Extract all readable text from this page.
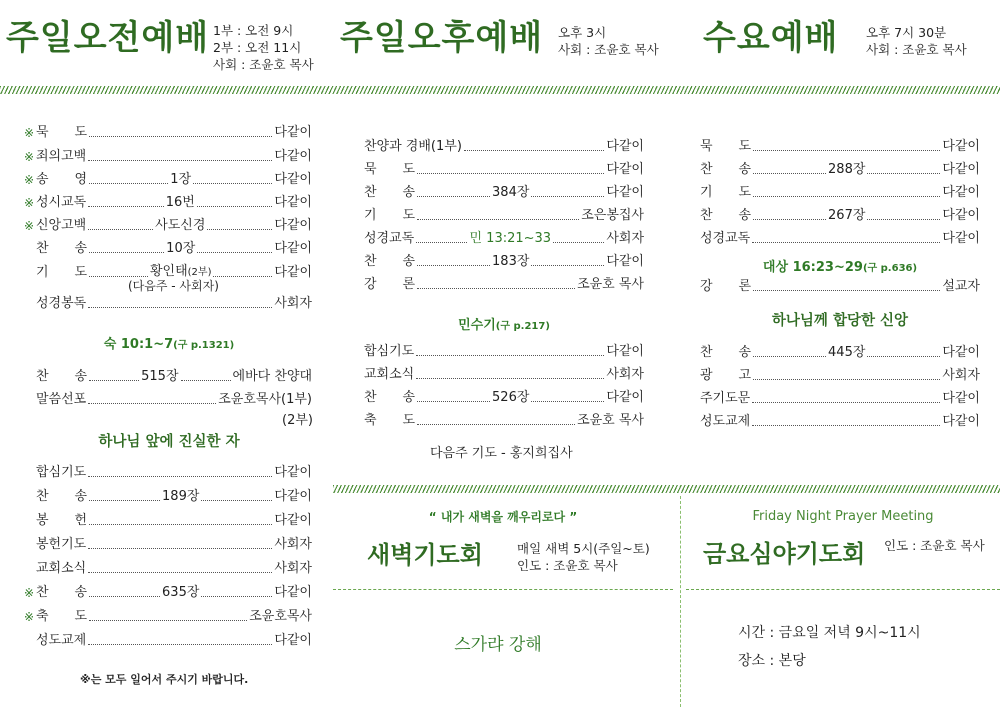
주일오전예배 1부 : 오전 9시
2부 : 오전 11시
사회 : 조윤호 목사
주일오후예배 오후 3시
사회 : 조윤호 목사 수요예배 오후 7시 30분
사회 : 조윤호 목사
※ 묵　　도	다같이
※ 죄의고백	다같이
※ 송　　영	1장	다같이
※ 성시교독	16번	다같이
※ 신앙고백	사도신경	다같이
찬　　송	10장	다같이
기　　도	황인태(2부)	다같이
(다음주 - 사회자)
성경봉독	사회자
숙 10:1~7(구 p.1321)
찬　　송	515장	에바다 찬양대
말씀선포	조윤호목사(1부)
(2부)
하나님 앞에 진실한 자
합심기도	다같이
찬　　송	189장	다같이
봉　　헌	다같이
봉헌기도	사회자
교회소식	사회자
※ 찬　　송	635장	다같이
※ 축　　도	조윤호목사
성도교제	다같이
※는 모두 일어서 주시기 바랍니다.
찬양과 경배(1부)	다같이
묵　　도	다같이
찬　　송	384장	다같이
기　　도	조은봉집사
성경교독	민 13:21~33	사회자
찬　　송	183장	다같이
강　　론	조윤호 목사
민수기(구 p.217)
합심기도	다같이
교회소식	사회자
찬　　송	526장	다같이
축　　도	조윤호 목사
다음주 기도 - 홍지희집사
묵　　도	다같이
찬　　송	288장	다같이
기　　도	다같이
찬　　송	267장	다같이
성경교독	다같이
대상 16:23~29(구 p.636)
강　　론	설교자
하나님께 합당한 신앙
찬　　송	445장	다같이
광　　고	사회자
주기도문	다같이
성도교제	다같이
“ 내가 새벽을 깨우리로다 ”
새벽기도회	매일 새벽 5시(주일~토)
인도 : 조윤호 목사
스가랴 강해
Friday Night Prayer Meeting
금요심야기도회 인도 : 조윤호 목사
시간 : 금요일 저녁 9시~11시
장소 : 본당
